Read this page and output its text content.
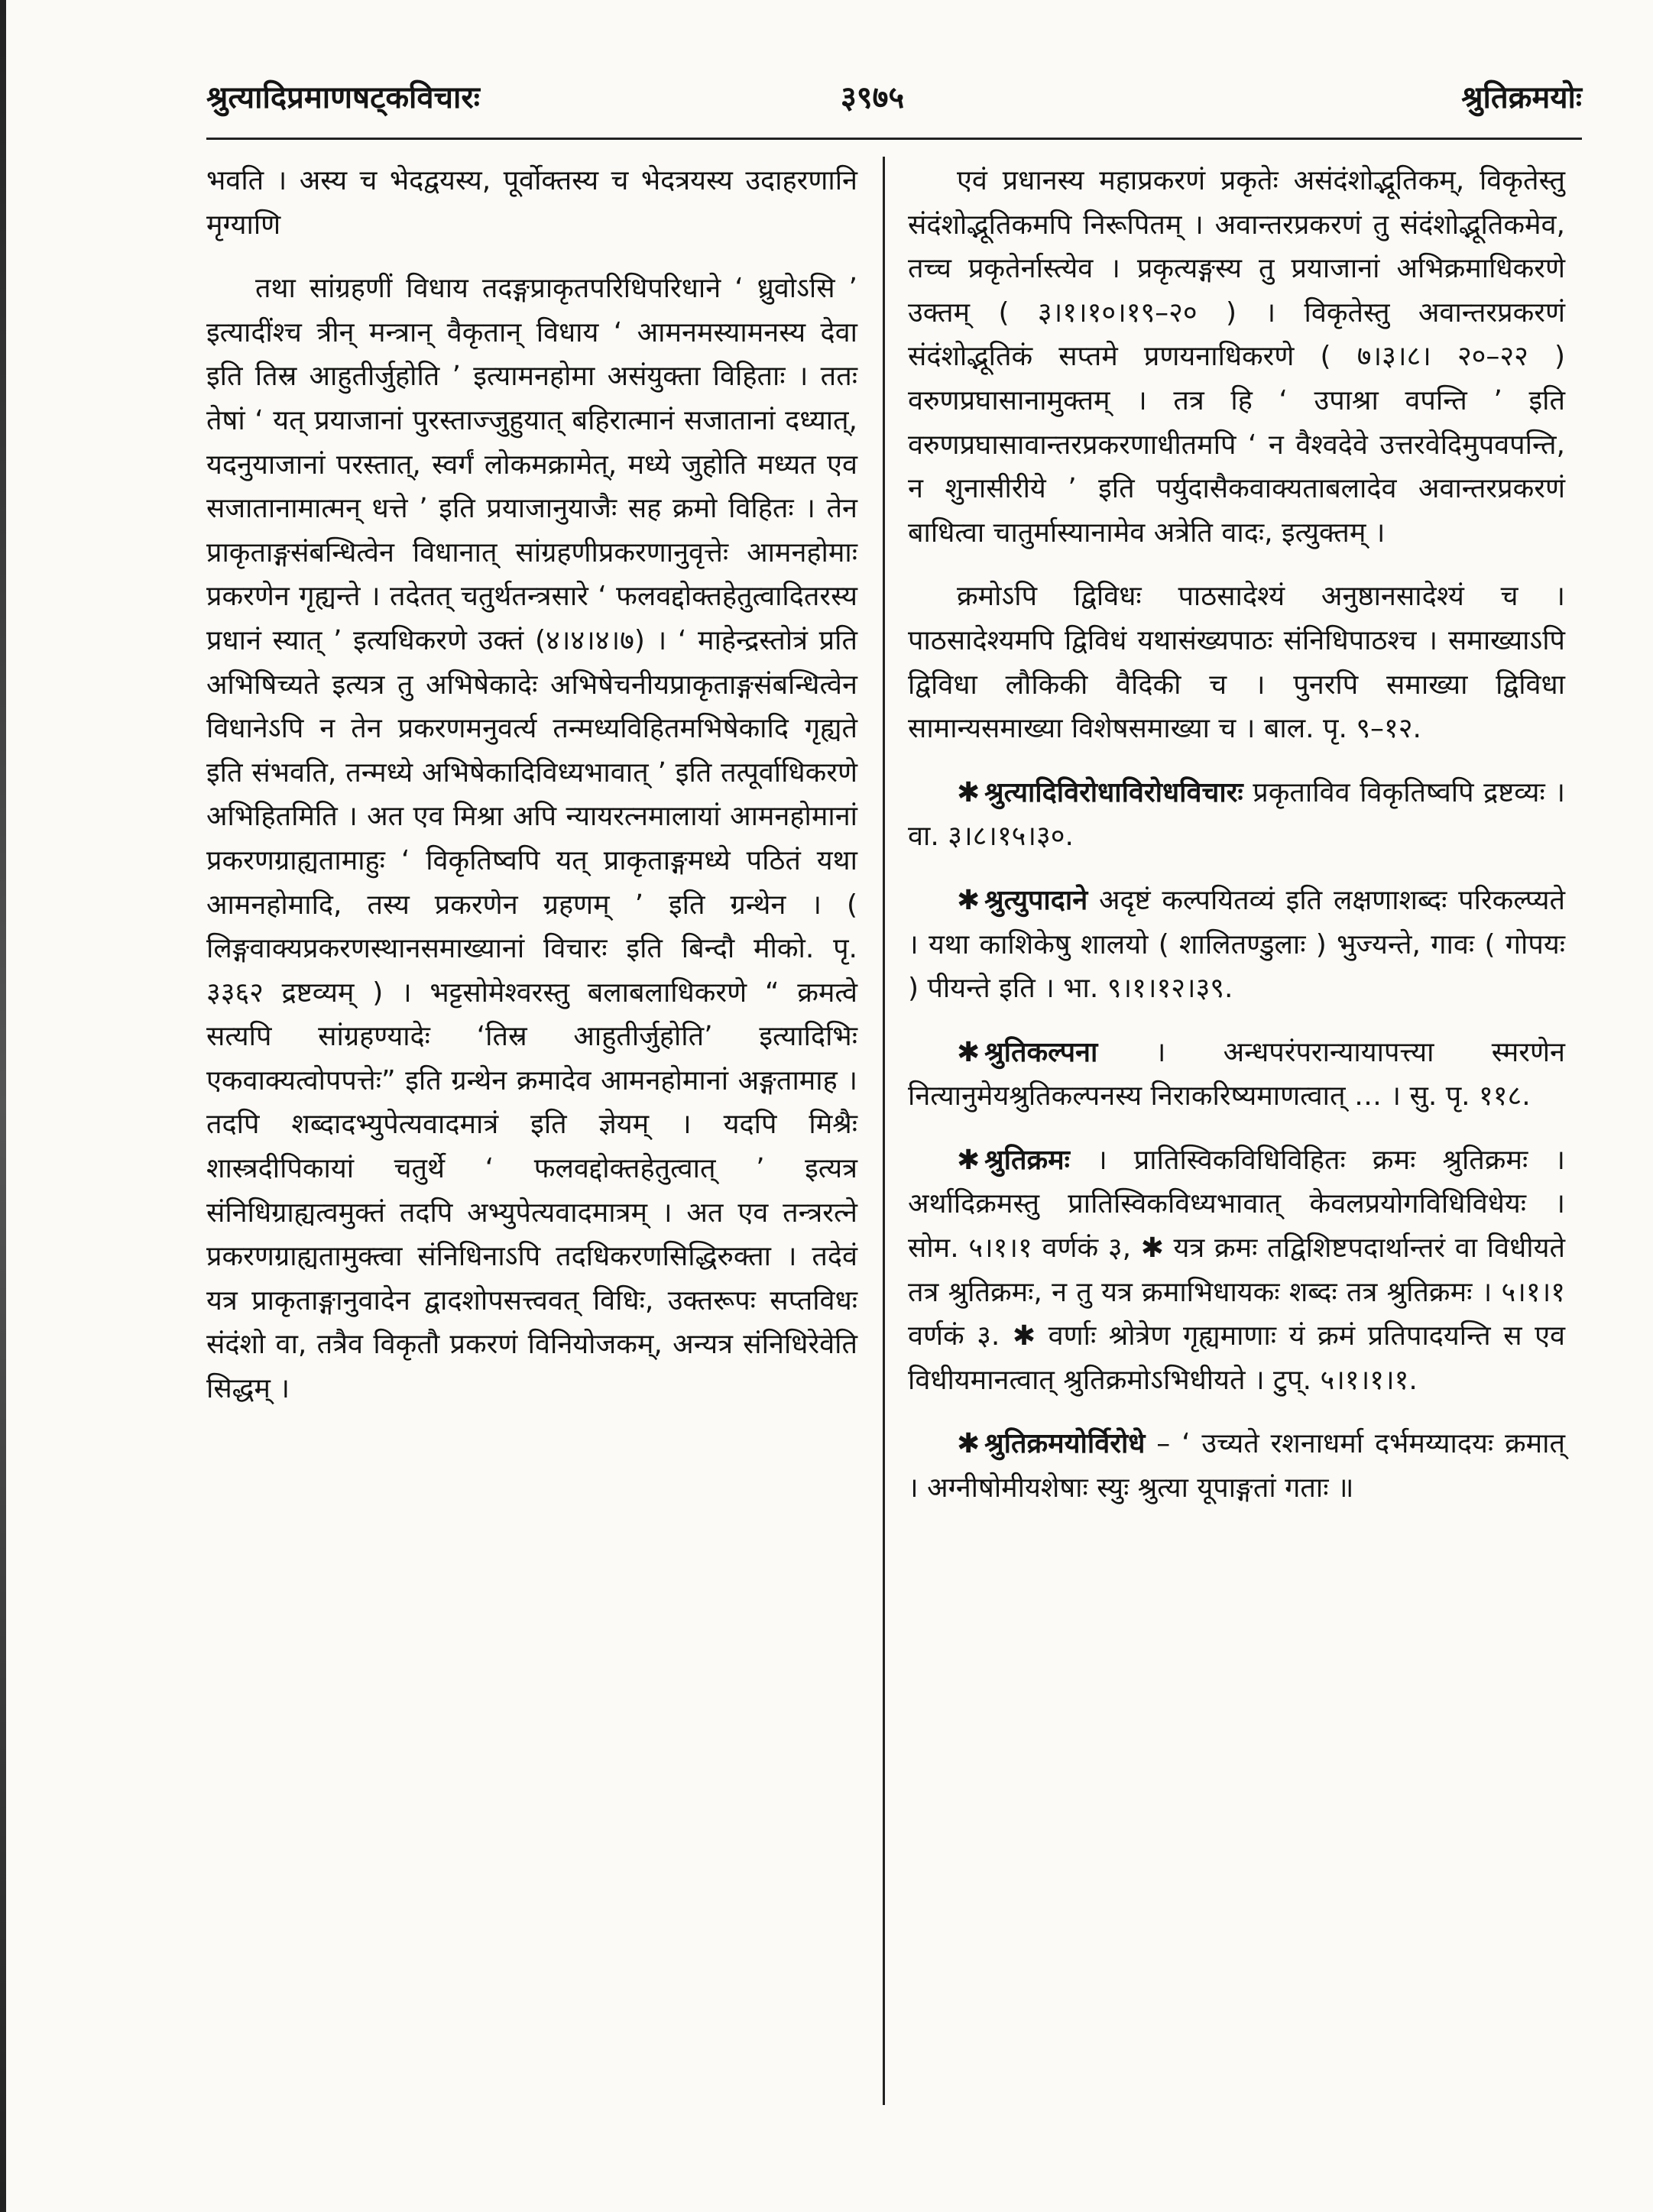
श्रुत्यादिप्रमाणषट्कविचारः	३९७५	श्रुतिक्रमयोः

भवति । अस्य च भेदद्वयस्य, पूर्वोक्तस्य च भेदत्रयस्य उदाहरणानि मृग्याणि

तथा सांग्रहणीं विधाय तदङ्गप्राकृतपरिधिपरिधाने ‘ ध्रुवोऽसि ’ इत्यादींश्च त्रीन् मन्त्रान् वैकृतान् विधाय ‘ आमनमस्यामनस्य देवा इति तिस्र आहुतीर्जुहोति ’ इत्यामनहोमा असंयुक्ता विहिताः । ततः तेषां ‘ यत् प्रयाजानां पुरस्ताज्जुहुयात् बहिरात्मानं सजातानां दध्यात्, यदनुयाजानां परस्तात्, स्वर्गं लोकमक्रामेत्, मध्ये जुहोति मध्यत एव सजातानामात्मन् धत्ते ’ इति प्रयाजानुयाजैः सह क्रमो विहितः । तेन प्राकृताङ्गसंबन्धित्वेन विधानात् सांग्रहणीप्रकरणानुवृत्तेः आमनहोमाः प्रकरणेन गृह्यन्ते । तदेतत् चतुर्थतन्त्रसारे ‘ फलवद्दोक्तहेतुत्वादितरस्य प्रधानं स्यात् ’ इत्यधिकरणे उक्तं (४।४।४।७) । ‘ माहेन्द्रस्तोत्रं प्रति अभिषिच्यते इत्यत्र तु अभिषेकादेः अभिषेचनीयप्राकृताङ्गसंबन्धित्वेन विधानेऽपि न तेन प्रकरणमनुवर्त्य तन्मध्यविहितमभिषेकादि गृह्यते इति संभवति, तन्मध्ये अभिषेकादिविध्यभावात् ’ इति तत्पूर्वाधिकरणे अभिहितमिति । अत एव मिश्रा अपि न्यायरत्नमालायां आमनहोमानां प्रकरणग्राह्यतामाहुः ‘ विकृतिष्वपि यत् प्राकृताङ्गमध्ये पठितं यथा आमनहोमादि, तस्य प्रकरणेन ग्रहणम् ’ इति ग्रन्थेन । ( लिङ्गवाक्यप्रकरणस्थानसमाख्यानां विचारः इति बिन्दौ मीको. पृ. ३३६२ द्रष्टव्यम् ) । भट्टसोमेश्वरस्तु बलाबलाधिकरणे “ क्रमत्वे सत्यपि सांग्रहण्यादेः ‘तिस्र आहुतीर्जुहोति’ इत्यादिभिः एकवाक्यत्वोपपत्तेः” इति ग्रन्थेन क्रमादेव आमनहोमानां अङ्गतामाह । तदपि शब्दादभ्युपेत्यवादमात्रं इति ज्ञेयम् । यदपि मिश्रैः शास्त्रदीपिकायां चतुर्थे ‘ फलवद्दोक्तहेतुत्वात् ’ इत्यत्र संनिधिग्राह्यत्वमुक्तं तदपि अभ्युपेत्यवादमात्रम् । अत एव तन्त्ररत्ने प्रकरणग्राह्यतामुक्त्वा संनिधिनाऽपि तदधिकरणसिद्धिरुक्ता । तदेवं यत्र प्राकृताङ्गानुवादेन द्वादशोपसत्त्ववत् विधिः, उक्तरूपः सप्तविधः संदंशो वा, तत्रैव विकृतौ प्रकरणं विनियोजकम्, अन्यत्र संनिधिरेवेति सिद्धम् ।

एवं प्रधानस्य महाप्रकरणं प्रकृतेः असंदंशोद्भूतिकम्, विकृतेस्तु संदंशोद्भूतिकमपि निरूपितम् । अवान्तरप्रकरणं तु संदंशोद्भूतिकमेव, तच्च प्रकृतेर्नास्त्येव । प्रकृत्यङ्गस्य तु प्रयाजानां अभिक्रमाधिकरणे उक्तम् ( ३।१।१०।१९–२० ) । विकृतेस्तु अवान्तरप्रकरणं संदंशोद्भूतिकं सप्तमे प्रणयनाधिकरणे ( ७।३।८। २०–२२ ) वरुणप्रघासानामुक्तम् । तत्र हि ‘ उपाश्रा वपन्ति ’ इति वरुणप्रघासावान्तरप्रकरणाधीतमपि ‘ न वैश्वदेवे उत्तरवेदिमुपवपन्ति, न शुनासीरीये ’ इति पर्युदासैकवाक्यताबलादेव अवान्तरप्रकरणं बाधित्वा चातुर्मास्यानामेव अत्रेति वादः, इत्युक्तम् ।

क्रमोऽपि द्विविधः पाठसादेश्यं अनुष्ठानसादेश्यं च । पाठसादेश्यमपि द्विविधं यथासंख्यपाठः संनिधिपाठश्च । समाख्याऽपि द्विविधा लौकिकी वैदिकी च । पुनरपि समाख्या द्विविधा सामान्यसमाख्या विशेषसमाख्या च । बाल. पृ. ९–१२.

✱ श्रुत्यादिविरोधाविरोधविचारः प्रकृताविव विकृतिष्वपि द्रष्टव्यः । वा. ३।८।१५।३०.

✱ श्रुत्युपादाने अदृष्टं कल्पयितव्यं इति लक्षणाशब्दः परिकल्प्यते । यथा काशिकेषु शालयो ( शालितण्डुलाः ) भुज्यन्ते, गावः ( गोपयः ) पीयन्ते इति । भा. ९।१।१२।३९.

✱ श्रुतिकल्पना । अन्धपरंपरान्यायापत्त्या स्मरणेन नित्यानुमेयश्रुतिकल्पनस्य निराकरिष्यमाणत्वात् … । सु. पृ. ११८.

✱ श्रुतिक्रमः । प्रातिस्विकविधिविहितः क्रमः श्रुतिक्रमः । अर्थादिक्रमस्तु प्रातिस्विकविध्यभावात् केवलप्रयोगविधिविधेयः । सोम. ५।१।१ वर्णकं ३, ✱ यत्र क्रमः तद्विशिष्टपदार्थान्तरं वा विधीयते तत्र श्रुतिक्रमः, न तु यत्र क्रमाभिधायकः शब्दः तत्र श्रुतिक्रमः । ५।१।१ वर्णकं ३. ✱ वर्णाः श्रोत्रेण गृह्यमाणाः यं क्रमं प्रतिपादयन्ति स एव विधीयमानत्वात् श्रुतिक्रमोऽभिधीयते । टुप्. ५।१।१।१.

✱ श्रुतिक्रमयोर्विरोधे – ‘ उच्यते रशनाधर्मा दर्भमय्यादयः क्रमात् । अग्नीषोमीयशेषाः स्युः श्रुत्या यूपाङ्गतां गताः ॥
